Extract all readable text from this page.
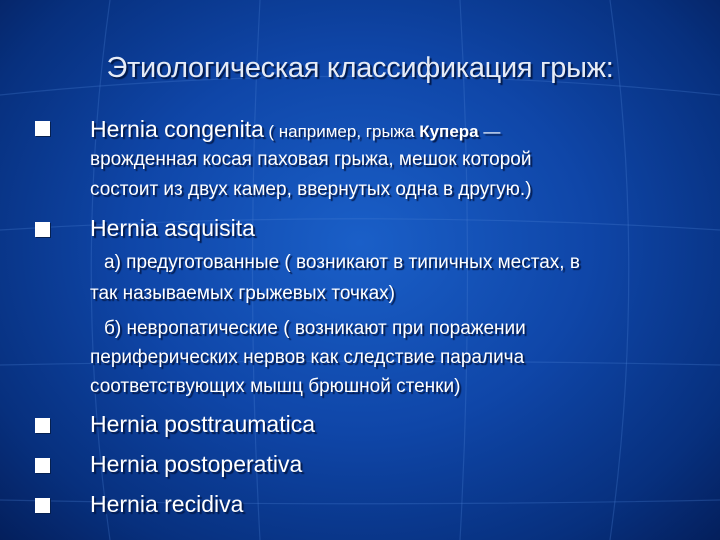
Этиологическая классификация грыж:
Hernia congenita ( например, грыжа Купера —
врожденная косая паховая грыжа, мешок которой
состоит из двух камер, ввернутых одна в другую.)
Hernia asquisita
а) предуготованные ( возникают в типичных местах, в
так называемых грыжевых точках)
б) невропатические ( возникают при поражении
периферических нервов как следствие паралича
соответствующих мышц брюшной стенки)
Hernia posttraumatica
Hernia postoperativa
Hernia recidiva
